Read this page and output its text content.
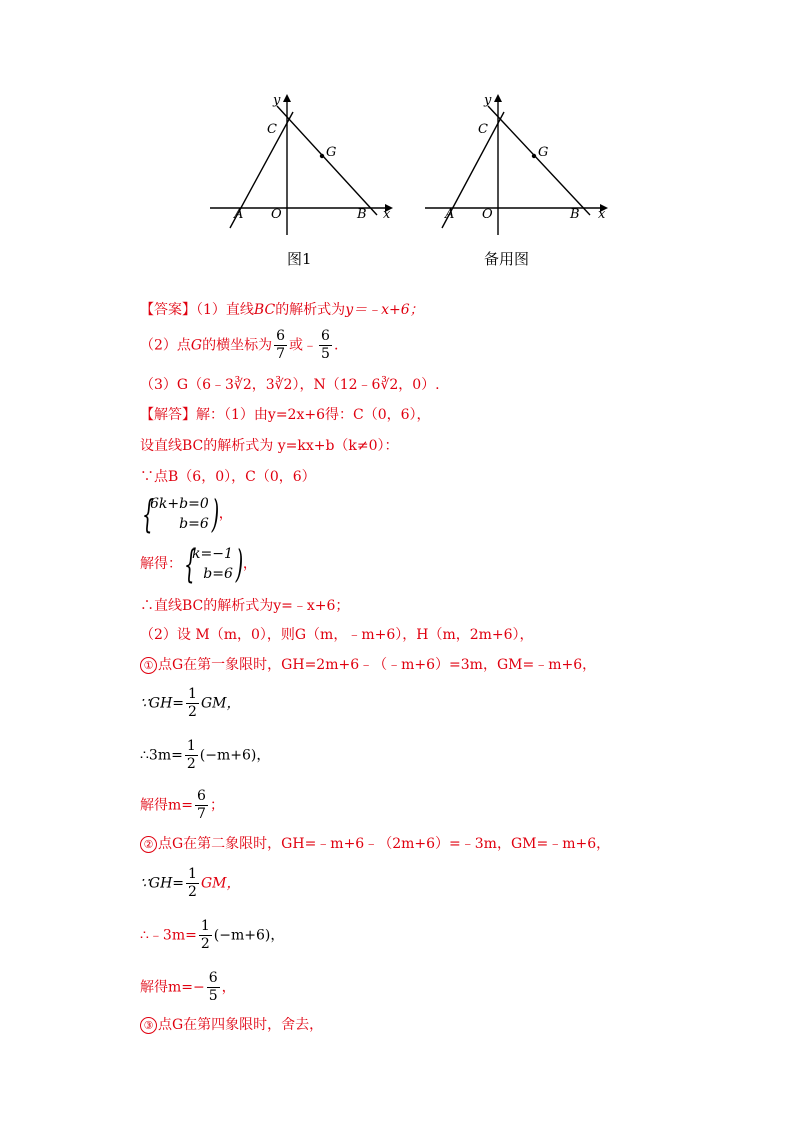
y
x
C
G
A O	B
图1
y
x
C
G
A O	B
备用图
【答案】（1）直线BC的解析式为y＝﹣x+6；
（2）点G的横坐标为 $\frac{6}{7}$ 或﹣ $\frac{6}{5}$ .
（3）G（6﹣3∛2，3∛2），N（12﹣6∛2，0）.
【解答】解：（1）由y=2x+6得：C（0，6），
设直线BC的解析式为 y=kx+b（k≠0）：
∵点B（6，0），C（0，6）
{
6k+b=0
b=6 ) ，
解得： {
k=−1
b=6 ) ，
∴直线BC的解析式为y=﹣x+6；
（2）设 M（m，0），则G（m，﹣m+6），H（m，2m+6），
① 点G在第一象限时，GH=2m+6﹣（﹣m+6）=3m，GM=﹣m+6，
∵GH= $\frac{1}{2}$ GM，
∴3m= $\frac{1}{2} (-m+6)$，
解得$m= \frac{6}{7}$ ；
② 点G在第二象限时，GH=﹣m+6﹣（2m+6）=﹣3m，GM=﹣m+6，
∵GH= $\frac{1}{2}$ GM，
∴﹣3m= $\frac{1}{2} (-m+6)$，
解得$m=- \frac{6}{5}$ ，
③ 点G在第四象限时，舍去，
